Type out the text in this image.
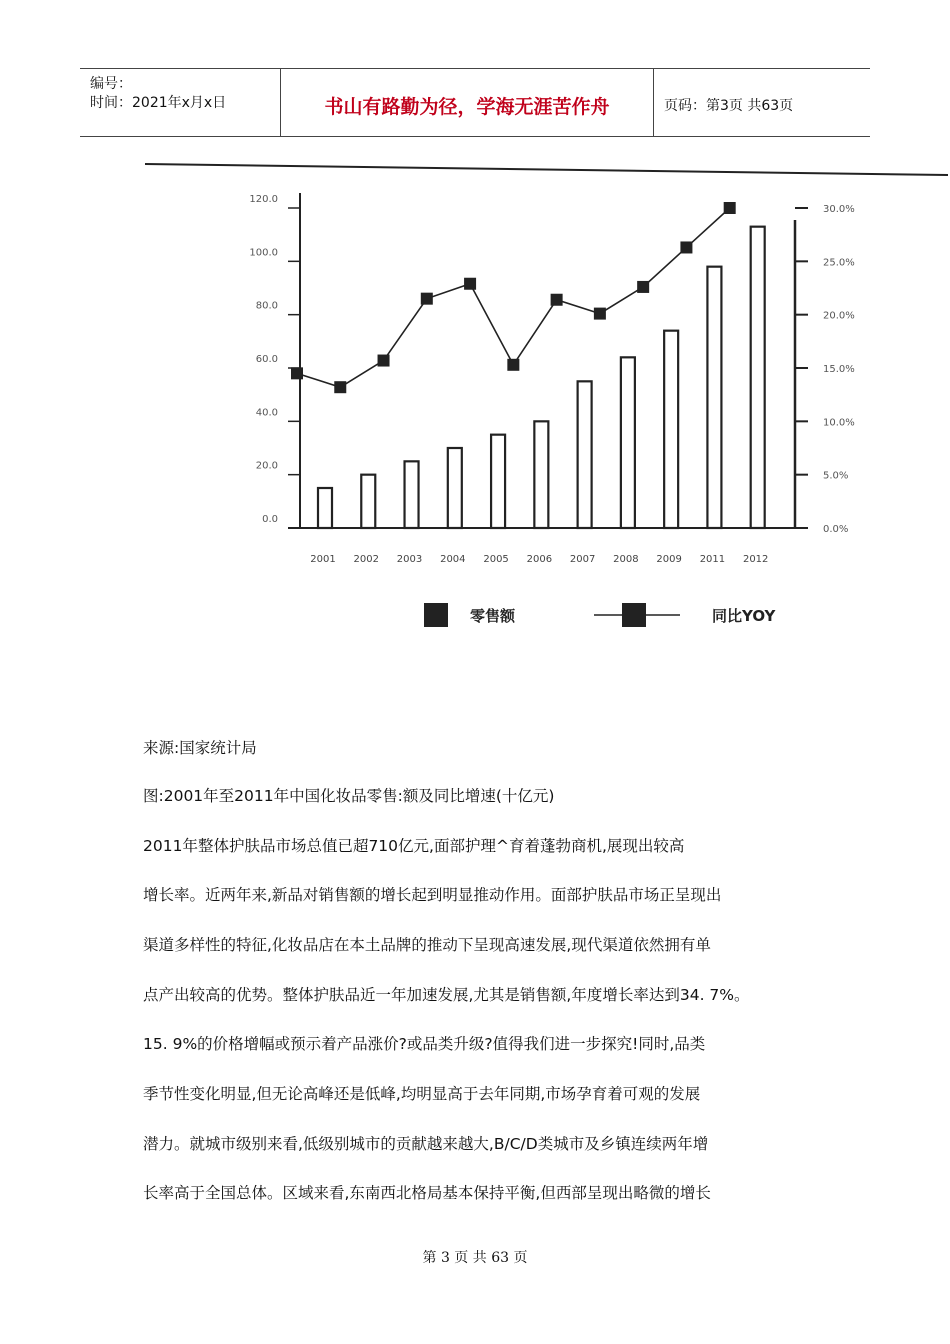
编号：
时间：2021年x月x日	书山有路勤为径，学海无涯苦作舟	页码：第3页 共63页
120.0
100.0
80.0
60.0
40.0
20.0
0.0
30.0%
25.0%
20.0%
15.0%
10.0%
5.0%
0.0%
2001 2002 2003 2004 2005 2006 2007 2008 2009 2011 2012
零售额	同比YOY
来源:国家统计局
图:2001年至2011年中国化妆品零售:额及同比增速(十亿元)
2011年整体护肤品市场总值已超710亿元,面部护理^育着蓬勃商机,展现出较高
增长率。近两年来,新品对销售额的增长起到明显推动作用。面部护肤品市场正呈现出
渠道多样性的特征,化妆品店在本土品牌的推动下呈现高速发展,现代渠道依然拥有单
点产出较高的优势。整体护肤品近一年加速发展,尤其是销售额,年度增长率达到34. 7%。
15. 9%的价格增幅或预示着产品涨价?或品类升级?值得我们进一步探究!同时,品类
季节性变化明显,但无论高峰还是低峰,均明显高于去年同期,市场孕育着可观的发展
潜力。就城市级别来看,低级别城市的贡献越来越大,B/C/D类城市及乡镇连续两年增
长率高于全国总体。区域来看,东南西北格局基本保持平衡,但西部呈现出略微的增长
第 3 页 共 63 页
